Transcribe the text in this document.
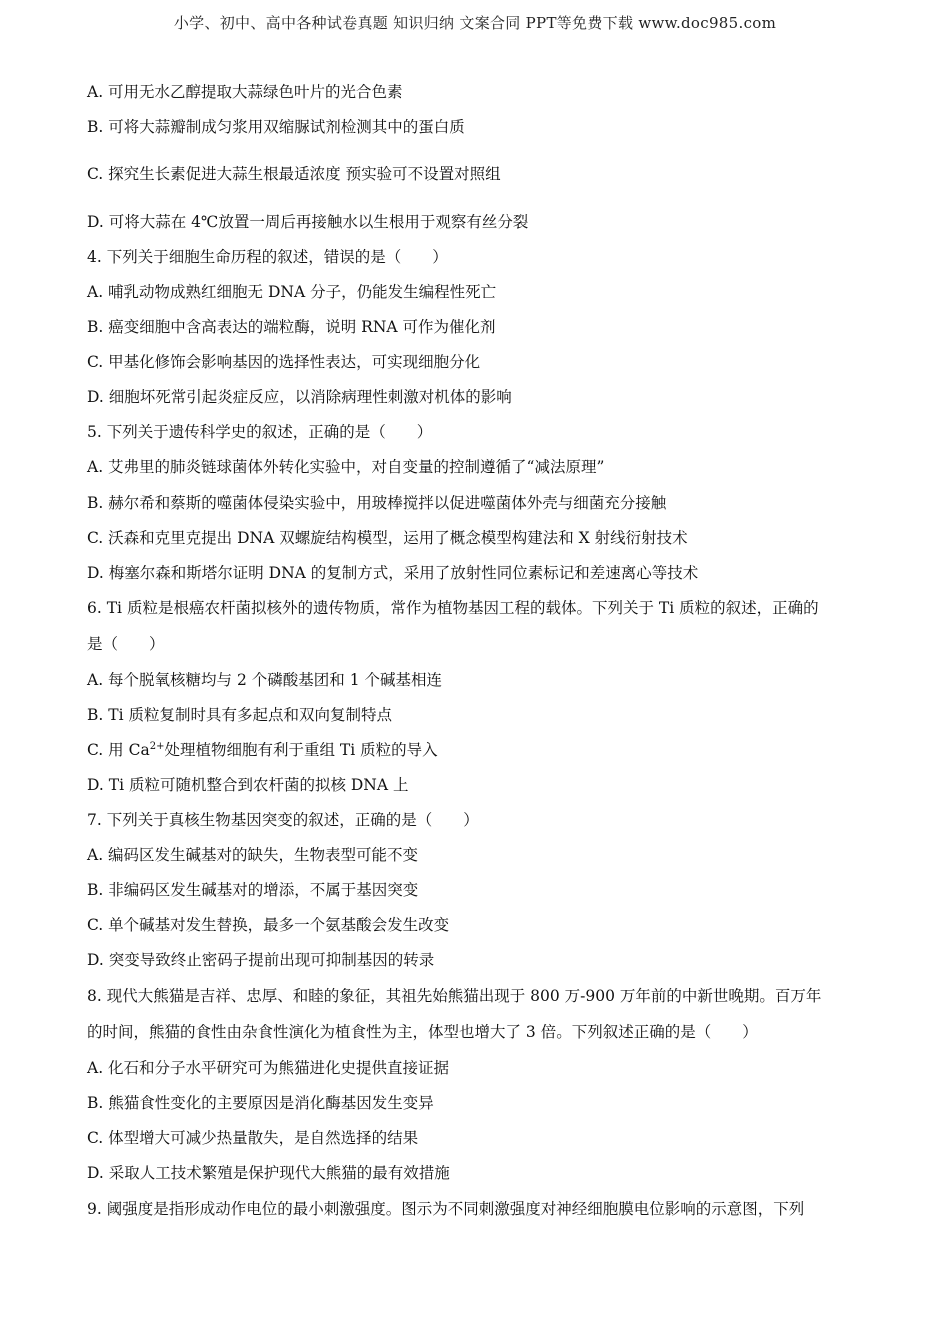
小学、初中、高中各种试卷真题 知识归纳 文案合同 PPT等免费下载 www.doc985.com

A. 可用无水乙醇提取大蒜绿色叶片的光合色素

B. 可将大蒜瓣制成匀浆用双缩脲试剂检测其中的蛋白质

C. 探究生长素促进大蒜生根最适浓度 预实验可不设置对照组

D. 可将大蒜在 4℃放置一周后再接触水以生根用于观察有丝分裂

4. 下列关于细胞生命历程的叙述，错误的是（　　）

A. 哺乳动物成熟红细胞无 DNA 分子，仍能发生编程性死亡

B. 癌变细胞中含高表达的端粒酶，说明 RNA 可作为催化剂

C. 甲基化修饰会影响基因的选择性表达，可实现细胞分化

D. 细胞坏死常引起炎症反应，以消除病理性刺激对机体的影响

5. 下列关于遗传科学史的叙述，正确的是（　　）

A. 艾弗里的肺炎链球菌体外转化实验中，对自变量的控制遵循了“减法原理”

B. 赫尔希和蔡斯的噬菌体侵染实验中，用玻棒搅拌以促进噬菌体外壳与细菌充分接触

C. 沃森和克里克提出 DNA 双螺旋结构模型，运用了概念模型构建法和 X 射线衍射技术

D. 梅塞尔森和斯塔尔证明 DNA 的复制方式，采用了放射性同位素标记和差速离心等技术

6. Ti 质粒是根癌农杆菌拟核外的遗传物质，常作为植物基因工程的载体。下列关于 Ti 质粒的叙述，正确的

是（　　）

A. 每个脱氧核糖均与 2 个磷酸基团和 1 个碱基相连

B. Ti 质粒复制时具有多起点和双向复制特点

C. 用 $Ca^{2+}$处理植物细胞有利于重组 Ti 质粒的导入

D. Ti 质粒可随机整合到农杆菌的拟核 DNA 上

7. 下列关于真核生物基因突变的叙述，正确的是（　　）

A. 编码区发生碱基对的缺失，生物表型可能不变

B. 非编码区发生碱基对的增添，不属于基因突变

C. 单个碱基对发生替换，最多一个氨基酸会发生改变

D. 突变导致终止密码子提前出现可抑制基因的转录

8. 现代大熊猫是吉祥、忠厚、和睦的象征，其祖先始熊猫出现于 800 万-900 万年前的中新世晚期。百万年

的时间，熊猫的食性由杂食性演化为植食性为主，体型也增大了 3 倍。下列叙述正确的是（　　）

A. 化石和分子水平研究可为熊猫进化史提供直接证据

B. 熊猫食性变化的主要原因是消化酶基因发生变异

C. 体型增大可减少热量散失，是自然选择的结果

D. 采取人工技术繁殖是保护现代大熊猫的最有效措施

9. 阈强度是指形成动作电位的最小刺激强度。图示为不同刺激强度对神经细胞膜电位影响的示意图，下列
